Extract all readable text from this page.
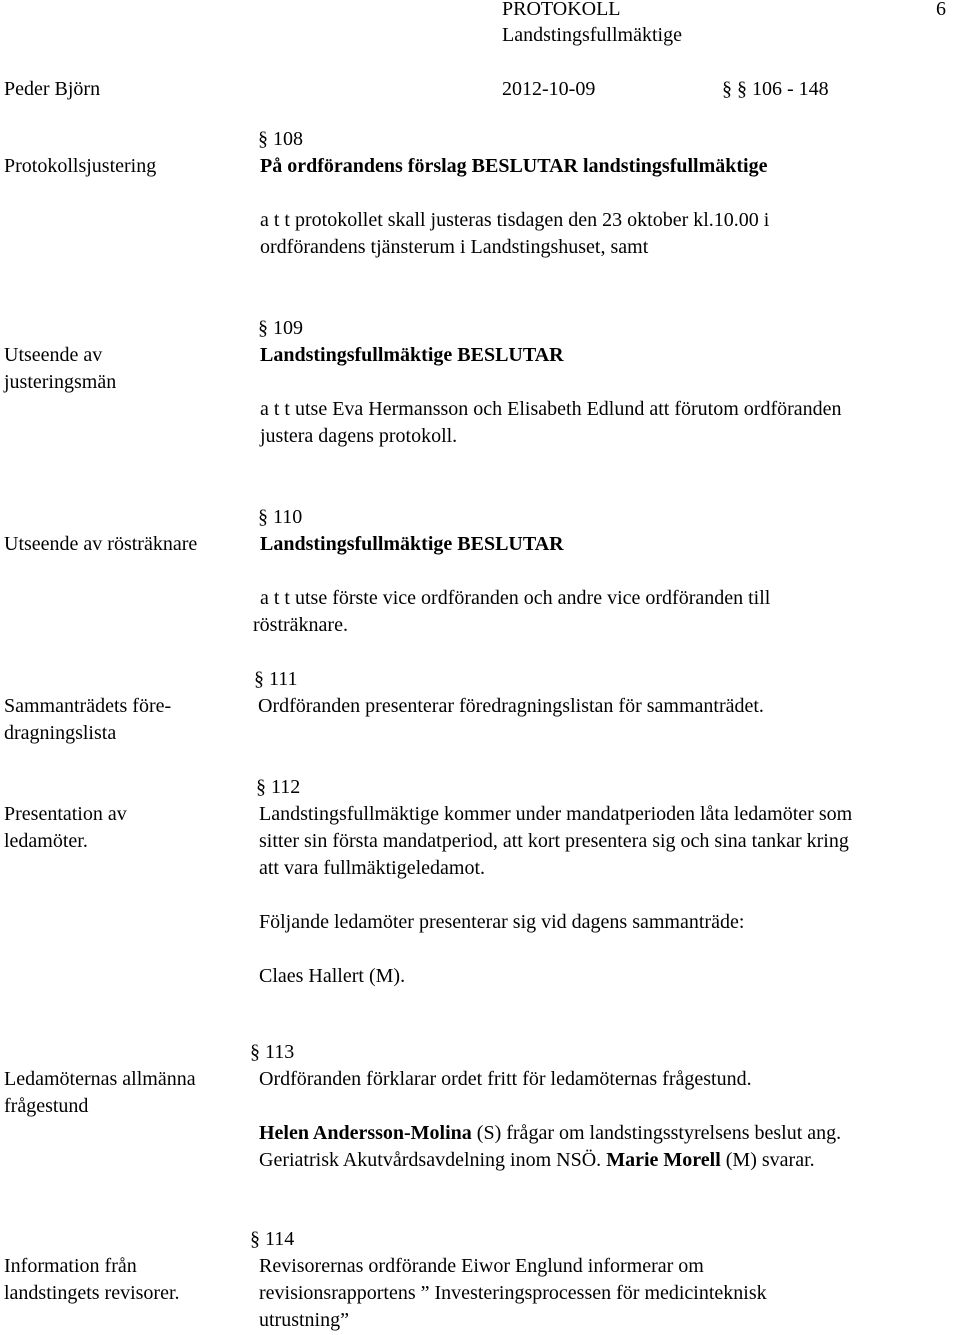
PROTOKOLL	6
Landstingsfullmäktige
Peder Björn	2012-10-09	§ § 106 - 148
Protokollsjustering
§ 108
På ordförandens förslag BESLUTAR landstingsfullmäktige
a t t protokollet skall justeras tisdagen den 23 oktober kl.10.00 i
ordförandens tjänsterum i Landstingshuset, samt
Utseende av
justeringsmän
§ 109
Landstingsfullmäktige BESLUTAR
a t t utse Eva Hermansson och Elisabeth Edlund att förutom ordföranden
justera dagens protokoll.
Utseende av rösträknare
§ 110
Landstingsfullmäktige BESLUTAR
a t t utse förste vice ordföranden och andre vice ordföranden till
rösträknare.
Sammanträdets före-
dragningslista
§ 111
Ordföranden presenterar föredragningslistan för sammanträdet.
Presentation av
ledamöter.
§ 112
Landstingsfullmäktige kommer under mandatperioden låta ledamöter som
sitter sin första mandatperiod, att kort presentera sig och sina tankar kring
att vara fullmäktigeledamot.
Följande ledamöter presenterar sig vid dagens sammanträde:
Claes Hallert (M).
Ledamöternas allmänna
frågestund
§ 113
Ordföranden förklarar ordet fritt för ledamöternas frågestund.
Helen Andersson-Molina (S) frågar om landstingsstyrelsens beslut ang.
Geriatrisk Akutvårdsavdelning inom NSÖ. Marie Morell (M) svarar.
Information från
landstingets revisorer.
§ 114
Revisorernas ordförande Eiwor Englund informerar om
revisionsrapportens ” Investeringsprocessen för medicinteknisk
utrustning”
